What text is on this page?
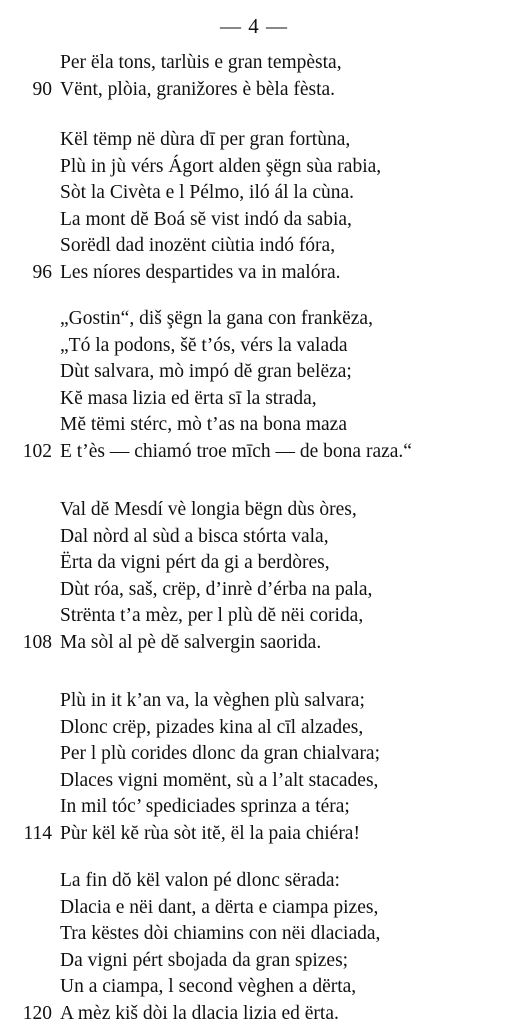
— 4 —
Per ëla tons, tarlùis e gran tempèsta,
90 Vënt, plòia, granižores è bèla fèsta.
Kël tëmp në dùra dī per gran fortùna,
Plù in jù vérs Ágort alden şëgn sùa rabia,
Sòt la Civèta e l Pélmo, iló ál la cùna.
La mont dĕ Boá sĕ vist indó da sabia,
Sorëdl dad inozënt ciùtia indó fóra,
96 Les níores despartides va in malóra.
„Gostin“, diš şëgn la gana con frankëza,
„Tó la podons, šĕ t’ós, vérs la valada
Dùt salvara, mò impó dĕ gran belëza;
Kĕ masa lizia ed ërta sī la strada,
Mĕ tëmi stérc, mò t’as na bona maza
102 E t’ès — chiamó troe mīch — de bona raza.“
Val dĕ Mesdí vè longia bëgn dùs òres,
Dal nòrd al sùd a bisca stórta vala,
Ërta da vigni pért da gi a berdòres,
Dùt róa, saš, crëp, d’inrè d’érba na pala,
Strënta t’a mèz, per l plù dĕ nëi corida,
108 Ma sòl al pè dĕ salvergin saorida.
Plù in it k’an va, la vèghen plù salvara;
Dlonc crëp, pizades kina al cīl alzades,
Per l plù corides dlonc da gran chialvara;
Dlaces vigni momënt, sù a l’alt stacades,
In mil tóc’ spediciades sprinza a téra;
114 Pùr kël kĕ rùa sòt itĕ, ël la paia chiéra!
La fin dŏ kël valon pé dlonc sërada:
Dlacia e nëi dant, a dërta e ciampa pizes,
Tra këstes dòi chiamins con nëi dlaciada,
Da vigni pért sbojada da gran spizes;
Un a ciampa, l second vèghen a dërta,
120 A mèz kiš dòi la dlacia lizia ed ërta.
